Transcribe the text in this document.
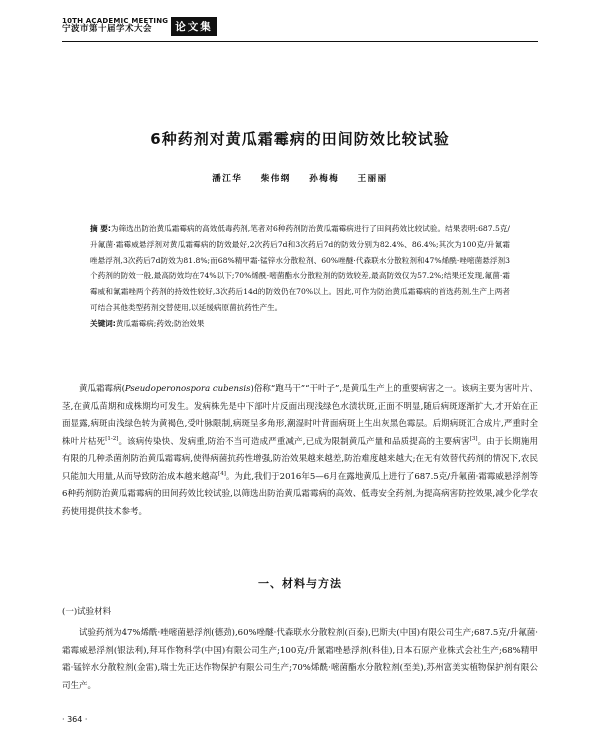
10TH ACADEMIC MEETING
宁波市第十届学术大会	论文集
6种药剂对黄瓜霜霉病的田间防效比较试验
潘江华 柴伟纲 孙梅梅 王丽丽
摘 要:为筛选出防治黄瓜霜霉病的高效低毒药剂,笔者对6种药剂防治黄瓜霜霉病进行了田间药效比较试验。结果表明:687.5克/升氟菌·霜霉威悬浮剂对黄瓜霜霉病的防效最好,2次药后7d和3次药后7d的防效分别为82.4%、86.4%;其次为100克/升氰霜唑悬浮剂,3次药后7d防效为81.8%;而68%精甲霜·锰锌水分散粒剂、60%唑醚·代森联水分散粒剂和47%烯酰·唑嘧菌悬浮剂3个药剂的防效一般,最高防效均在74%以下;70%烯酰·嘧菌酯水分散粒剂的防效较差,最高防效仅为57.2%;结果还发现,氟菌·霜霉威和氰霜唑两个药剂的持效性较好,3次药后14d的防效仍在70%以上。因此,可作为防治黄瓜霜霉病的首选药剂,生产上两者可结合其他类型药剂交替使用,以延缓病原菌抗药性产生。
关键词:黄瓜霜霉病;药效;防治效果

黄瓜霜霉病(Pseudoperonospora cubensis)俗称“跑马干”“干叶子”,是黄瓜生产上的重要病害之一。该病主要为害叶片、茎,在黄瓜苗期和成株期均可发生。发病株先是中下部叶片反面出现浅绿色水渍状斑,正面不明显,随后病斑逐渐扩大,才开始在正面显露,病斑由浅绿色转为黄褐色,受叶脉限制,病斑呈多角形,潮湿时叶背面病斑上生出灰黑色霉层。后期病斑汇合成片,严重时全株叶片枯死[1-2]。该病传染快、发病重,防治不当可造成严重减产,已成为限制黄瓜产量和品质提高的主要病害[3]。由于长期施用有限的几种杀菌剂防治黄瓜霜霉病,使得病菌抗药性增强,防治效果越来越差,防治难度越来越大;在无有效替代药剂的情况下,农民只能加大用量,从而导致防治成本越来越高[4]。为此,我们于2016年5—6月在露地黄瓜上进行了687.5克/升氟菌·霜霉威悬浮剂等6种药剂防治黄瓜霜霉病的田间药效比较试验,以筛选出防治黄瓜霜霉病的高效、低毒安全药剂,为提高病害防控效果,减少化学农药使用提供技术参考。

一、材料与方法
(一)试验材料

试验药剂为47%烯酰·唑嘧菌悬浮剂(德劲),60%唑醚·代森联水分散粒剂(百泰),巴斯夫(中国)有限公司生产;687.5克/升氟菌·霜霉威悬浮剂(银法利),拜耳作物科学(中国)有限公司生产;100克/升氰霜唑悬浮剂(科佳),日本石原产业株式会社生产;68%精甲霜·锰锌水分散粒剂(金雷),瑞士先正达作物保护有限公司生产;70%烯酰·嘧菌酯水分散粒剂(至美),苏州富美实植物保护剂有限公司生产。

· 364 ·
